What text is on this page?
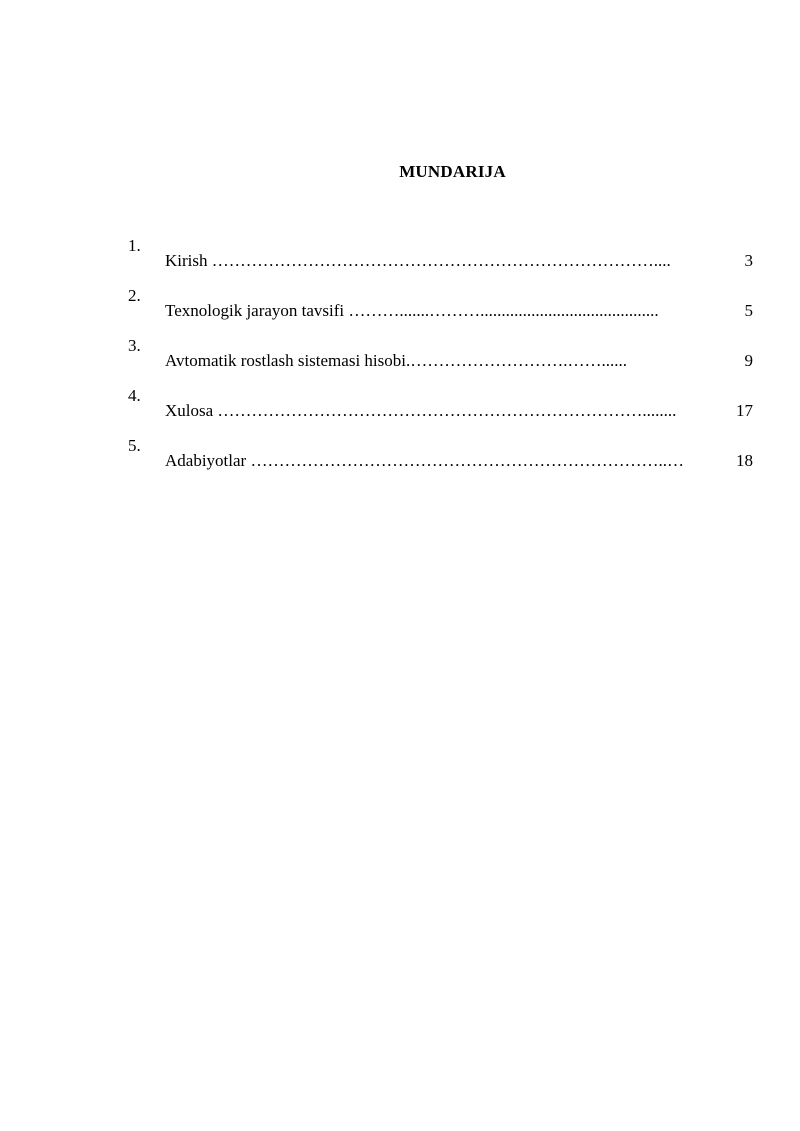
MUNDARIJA
1.
Kirish ……………………………………………………………………....	3
2.
Texnologik jarayon tavsifi ……….......………..........................................	5
3.
Avtomatik rostlash sistemasi hisobi.……………………….……......	9
4.
Xulosa …………………………………………………………………........	17
5.
Adabiyotlar ………………………………………………………………..…	18
